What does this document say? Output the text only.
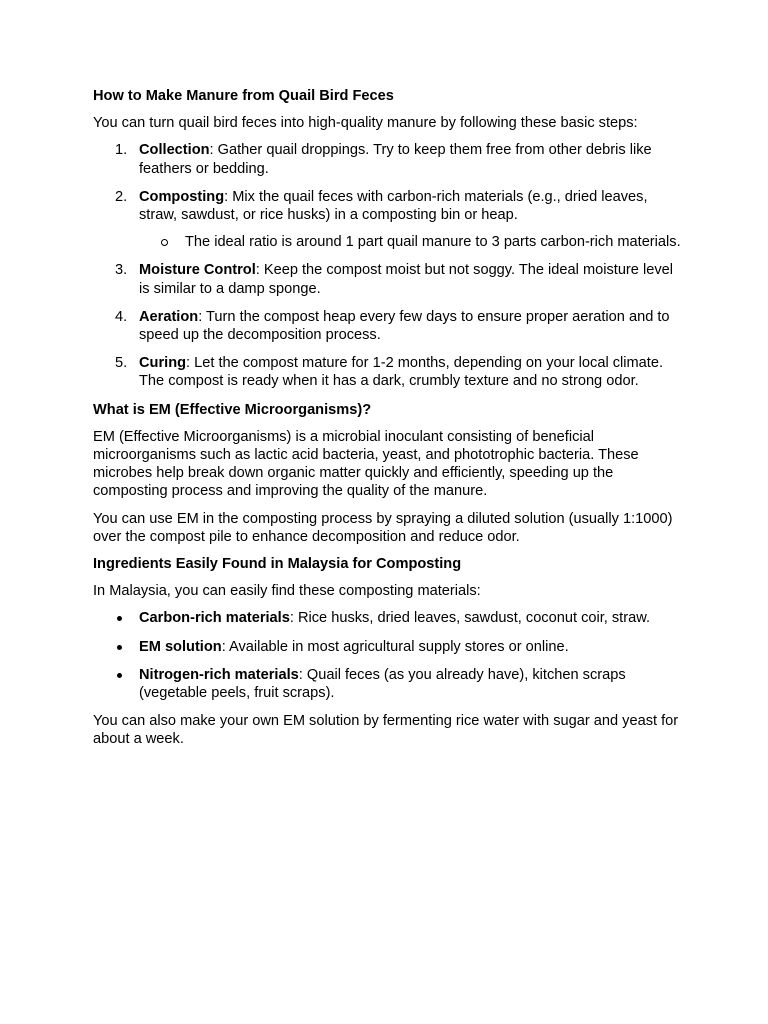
How to Make Manure from Quail Bird Feces

You can turn quail bird feces into high-quality manure by following these basic steps:

1. Collection: Gather quail droppings. Try to keep them free from other debris like feathers or bedding.
2. Composting: Mix the quail feces with carbon-rich materials (e.g., dried leaves, straw, sawdust, or rice husks) in a composting bin or heap.
The ideal ratio is around 1 part quail manure to 3 parts carbon-rich materials.
3. Moisture Control: Keep the compost moist but not soggy. The ideal moisture level is similar to a damp sponge.
4. Aeration: Turn the compost heap every few days to ensure proper aeration and to speed up the decomposition process.
5. Curing: Let the compost mature for 1-2 months, depending on your local climate. The compost is ready when it has a dark, crumbly texture and no strong odor.
What is EM (Effective Microorganisms)?

EM (Effective Microorganisms) is a microbial inoculant consisting of beneficial microorganisms such as lactic acid bacteria, yeast, and phototrophic bacteria. These microbes help break down organic matter quickly and efficiently, speeding up the composting process and improving the quality of the manure.

You can use EM in the composting process by spraying a diluted solution (usually 1:1000) over the compost pile to enhance decomposition and reduce odor.

Ingredients Easily Found in Malaysia for Composting

In Malaysia, you can easily find these composting materials:

Carbon-rich materials: Rice husks, dried leaves, sawdust, coconut coir, straw.
EM solution: Available in most agricultural supply stores or online.
Nitrogen-rich materials: Quail feces (as you already have), kitchen scraps (vegetable peels, fruit scraps).

You can also make your own EM solution by fermenting rice water with sugar and yeast for about a week.
